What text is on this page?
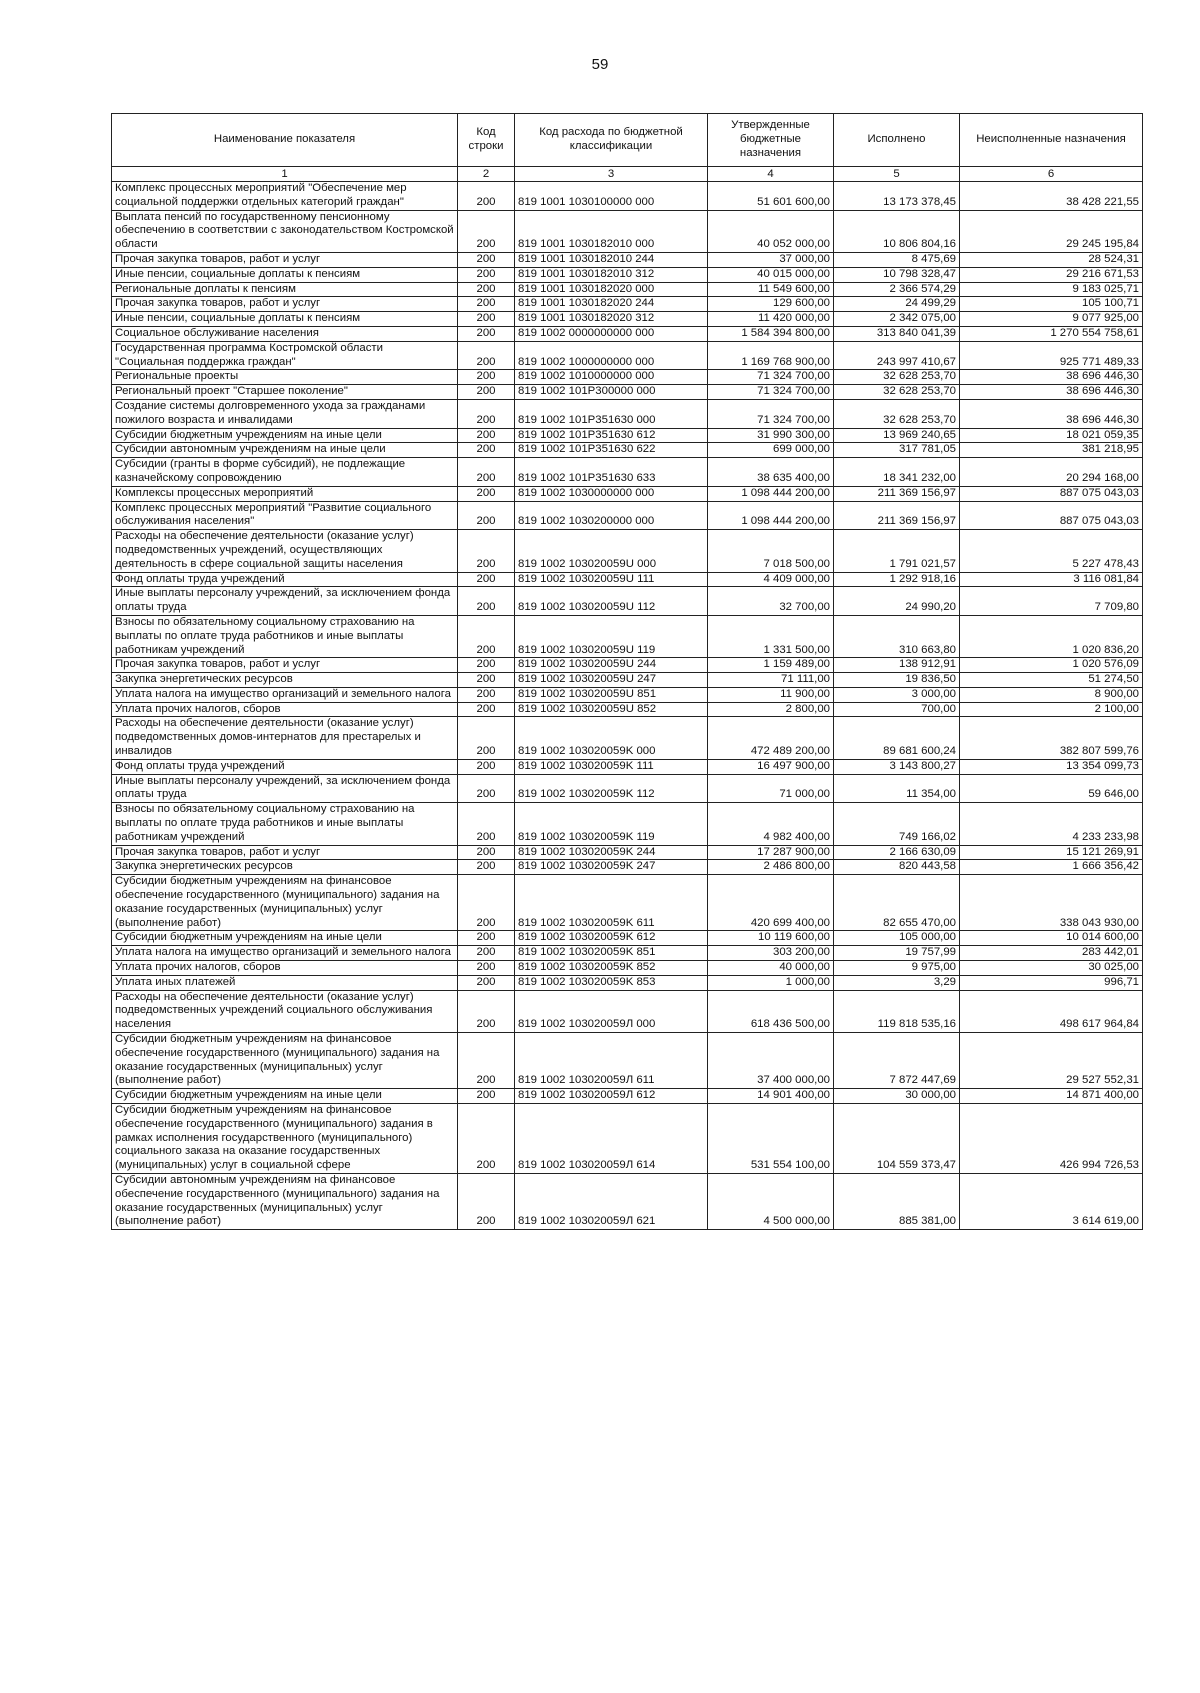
59
Наименование показателя	Код строки	Код расхода по бюджетной классификации	Утвержденные бюджетные назначения	Исполнено	Неисполненные назначения
1	2	3	4	5	6
Комплекс процессных мероприятий "Обеспечение мер социальной поддержки отдельных категорий граждан"	200	819 1001 1030100000 000	51 601 600,00	13 173 378,45	38 428 221,55
Выплата пенсий по государственному пенсионному обеспечению в соответствии с законодательством Костромской области	200	819 1001 1030182010 000	40 052 000,00	10 806 804,16	29 245 195,84
Прочая закупка товаров, работ и услуг	200	819 1001 1030182010 244	37 000,00	8 475,69	28 524,31
Иные пенсии, социальные доплаты к пенсиям	200	819 1001 1030182010 312	40 015 000,00	10 798 328,47	29 216 671,53
Региональные доплаты к пенсиям	200	819 1001 1030182020 000	11 549 600,00	2 366 574,29	9 183 025,71
Прочая закупка товаров, работ и услуг	200	819 1001 1030182020 244	129 600,00	24 499,29	105 100,71
Иные пенсии, социальные доплаты к пенсиям	200	819 1001 1030182020 312	11 420 000,00	2 342 075,00	9 077 925,00
Социальное обслуживание населения	200	819 1002 0000000000 000	1 584 394 800,00	313 840 041,39	1 270 554 758,61
Государственная программа Костромской области "Социальная поддержка граждан"	200	819 1002 1000000000 000	1 169 768 900,00	243 997 410,67	925 771 489,33
Региональные проекты	200	819 1002 1010000000 000	71 324 700,00	32 628 253,70	38 696 446,30
Региональный проект "Старшее поколение"	200	819 1002 101P300000 000	71 324 700,00	32 628 253,70	38 696 446,30
Создание системы долговременного ухода за гражданами пожилого возраста и инвалидами	200	819 1002 101P351630 000	71 324 700,00	32 628 253,70	38 696 446,30
Субсидии бюджетным учреждениям на иные цели	200	819 1002 101P351630 612	31 990 300,00	13 969 240,65	18 021 059,35
Субсидии автономным учреждениям на иные цели	200	819 1002 101P351630 622	699 000,00	317 781,05	381 218,95
Субсидии (гранты в форме субсидий), не подлежащие казначейскому сопровождению	200	819 1002 101P351630 633	38 635 400,00	18 341 232,00	20 294 168,00
Комплексы процессных мероприятий	200	819 1002 1030000000 000	1 098 444 200,00	211 369 156,97	887 075 043,03
Комплекс процессных мероприятий "Развитие социального обслуживания населения"	200	819 1002 1030200000 000	1 098 444 200,00	211 369 156,97	887 075 043,03
Расходы на обеспечение деятельности (оказание услуг) подведомственных учреждений, осуществляющих деятельность в сфере социальной защиты населения	200	819 1002 103020059U 000	7 018 500,00	1 791 021,57	5 227 478,43
Фонд оплаты труда учреждений	200	819 1002 103020059U 111	4 409 000,00	1 292 918,16	3 116 081,84
Иные выплаты персоналу учреждений, за исключением фонда оплаты труда	200	819 1002 103020059U 112	32 700,00	24 990,20	7 709,80
Взносы по обязательному социальному страхованию на выплаты по оплате труда работников и иные выплаты работникам учреждений	200	819 1002 103020059U 119	1 331 500,00	310 663,80	1 020 836,20
Прочая закупка товаров, работ и услуг	200	819 1002 103020059U 244	1 159 489,00	138 912,91	1 020 576,09
Закупка энергетических ресурсов	200	819 1002 103020059U 247	71 111,00	19 836,50	51 274,50
Уплата налога на имущество организаций и земельного налога	200	819 1002 103020059U 851	11 900,00	3 000,00	8 900,00
Уплата прочих налогов, сборов	200	819 1002 103020059U 852	2 800,00	700,00	2 100,00
Расходы на обеспечение деятельности (оказание услуг) подведомственных домов-интернатов для престарелых и инвалидов	200	819 1002 103020059K 000	472 489 200,00	89 681 600,24	382 807 599,76
Фонд оплаты труда учреждений	200	819 1002 103020059K 111	16 497 900,00	3 143 800,27	13 354 099,73
Иные выплаты персоналу учреждений, за исключением фонда оплаты труда	200	819 1002 103020059K 112	71 000,00	11 354,00	59 646,00
Взносы по обязательному социальному страхованию на выплаты по оплате труда работников и иные выплаты работникам учреждений	200	819 1002 103020059K 119	4 982 400,00	749 166,02	4 233 233,98
Прочая закупка товаров, работ и услуг	200	819 1002 103020059K 244	17 287 900,00	2 166 630,09	15 121 269,91
Закупка энергетических ресурсов	200	819 1002 103020059K 247	2 486 800,00	820 443,58	1 666 356,42
Субсидии бюджетным учреждениям на финансовое обеспечение государственного (муниципального) задания на оказание государственных (муниципальных) услуг (выполнение работ)	200	819 1002 103020059K 611	420 699 400,00	82 655 470,00	338 043 930,00
Субсидии бюджетным учреждениям на иные цели	200	819 1002 103020059K 612	10 119 600,00	105 000,00	10 014 600,00
Уплата налога на имущество организаций и земельного налога	200	819 1002 103020059K 851	303 200,00	19 757,99	283 442,01
Уплата прочих налогов, сборов	200	819 1002 103020059K 852	40 000,00	9 975,00	30 025,00
Уплата иных платежей	200	819 1002 103020059K 853	1 000,00	3,29	996,71
Расходы на обеспечение деятельности (оказание услуг) подведомственных учреждений социального обслуживания населения	200	819 1002 103020059Л 000	618 436 500,00	119 818 535,16	498 617 964,84
Субсидии бюджетным учреждениям на финансовое обеспечение государственного (муниципального) задания на оказание государственных (муниципальных) услуг (выполнение работ)	200	819 1002 103020059Л 611	37 400 000,00	7 872 447,69	29 527 552,31
Субсидии бюджетным учреждениям на иные цели	200	819 1002 103020059Л 612	14 901 400,00	30 000,00	14 871 400,00
Субсидии бюджетным учреждениям на финансовое обеспечение государственного (муниципального) задания в рамках исполнения государственного (муниципального) социального заказа на оказание государственных (муниципальных) услуг в социальной сфере	200	819 1002 103020059Л 614	531 554 100,00	104 559 373,47	426 994 726,53
Субсидии автономным учреждениям на финансовое обеспечение государственного (муниципального) задания на оказание государственных (муниципальных) услуг (выполнение работ)	200	819 1002 103020059Л 621	4 500 000,00	885 381,00	3 614 619,00
